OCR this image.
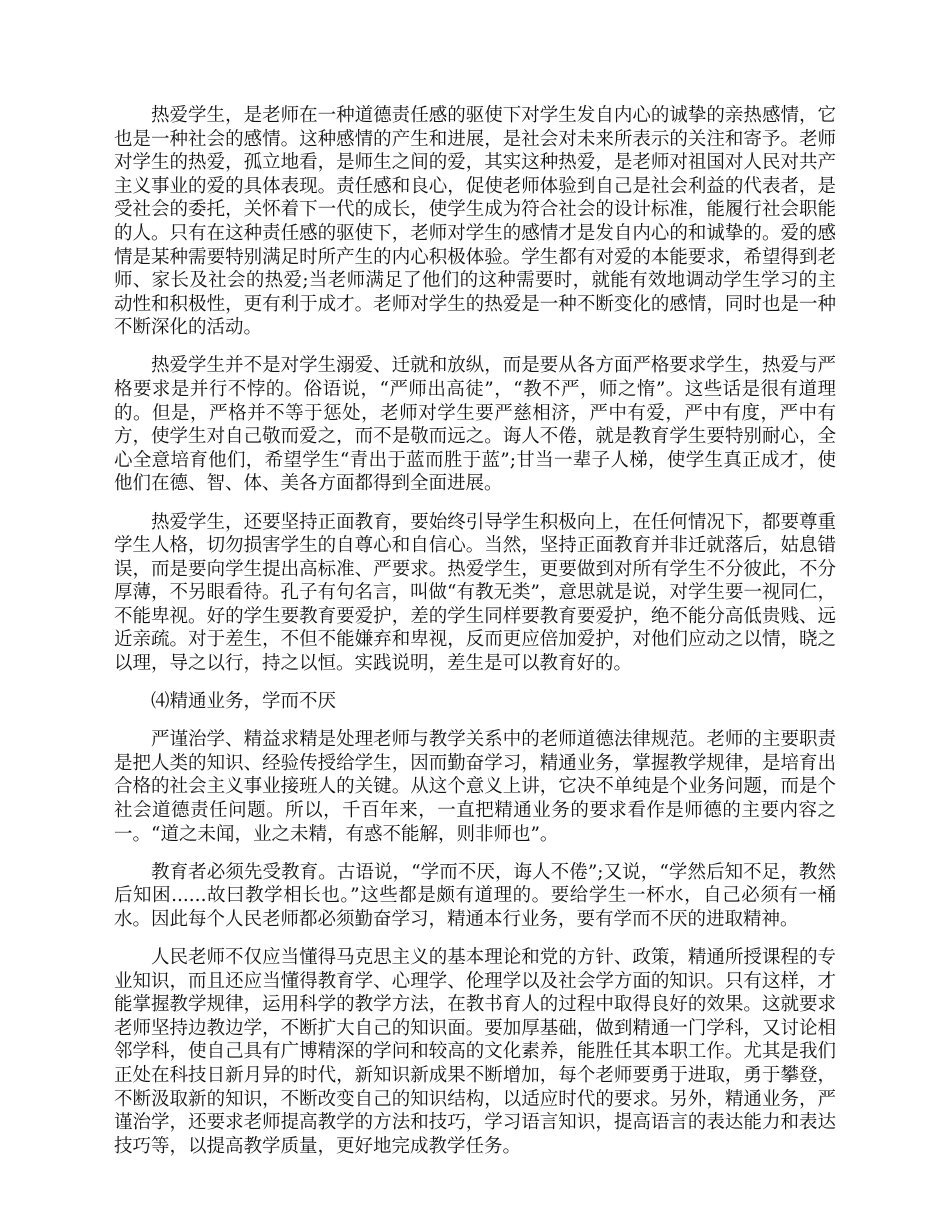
热爱学生，是老师在一种道德责任感的驱使下对学生发自内心的诚挚的亲热感情，它也是一种社会的感情。这种感情的产生和进展，是社会对未来所表示的关注和寄予。老师对学生的热爱，孤立地看，是师生之间的爱，其实这种热爱，是老师对祖国对人民对共产主义事业的爱的具体表现。责任感和良心，促使老师体验到自己是社会利益的代表者，是受社会的委托，关怀着下一代的成长，使学生成为符合社会的设计标准，能履行社会职能的人。只有在这种责任感的驱使下，老师对学生的感情才是发自内心的和诚挚的。爱的感情是某种需要特别满足时所产生的内心积极体验。学生都有对爱的本能要求，希望得到老师、家长及社会的热爱;当老师满足了他们的这种需要时，就能有效地调动学生学习的主动性和积极性，更有利于成才。老师对学生的热爱是一种不断变化的感情，同时也是一种不断深化的活动。

热爱学生并不是对学生溺爱、迁就和放纵，而是要从各方面严格要求学生，热爱与严格要求是并行不悖的。俗语说，“严师出高徒”，“教不严，师之惰”。这些话是很有道理的。但是，严格并不等于惩处，老师对学生要严慈相济，严中有爱，严中有度，严中有方，使学生对自己敬而爱之，而不是敬而远之。诲人不倦，就是教育学生要特别耐心，全心全意培育他们，希望学生“青出于蓝而胜于蓝”;甘当一辈子人梯，使学生真正成才，使他们在德、智、体、美各方面都得到全面进展。

热爱学生，还要坚持正面教育，要始终引导学生积极向上，在任何情况下，都要尊重学生人格，切勿损害学生的自尊心和自信心。当然，坚持正面教育并非迁就落后，姑息错误，而是要向学生提出高标准、严要求。热爱学生，更要做到对所有学生不分彼此，不分厚薄，不另眼看待。孔子有句名言，叫做“有教无类”，意思就是说，对学生要一视同仁，不能卑视。好的学生要教育要爱护，差的学生同样要教育要爱护，绝不能分高低贵贱、远近亲疏。对于差生，不但不能嫌弃和卑视，反而更应倍加爱护，对他们应动之以情，晓之以理，导之以行，持之以恒。实践说明，差生是可以教育好的。

⑷精通业务，学而不厌

严谨治学、精益求精是处理老师与教学关系中的老师道德法律规范。老师的主要职责是把人类的知识、经验传授给学生，因而勤奋学习，精通业务，掌握教学规律，是培育出合格的社会主义事业接班人的关键。从这个意义上讲，它决不单纯是个业务问题，而是个社会道德责任问题。所以，千百年来，一直把精通业务的要求看作是师德的主要内容之一。“道之未闻，业之未精，有惑不能解，则非师也”。

教育者必须先受教育。古语说，“学而不厌，诲人不倦”;又说，“学然后知不足，教然后知困......故曰教学相长也。”这些都是颇有道理的。要给学生一杯水，自己必须有一桶水。因此每个人民老师都必须勤奋学习，精通本行业务，要有学而不厌的进取精神。

人民老师不仅应当懂得马克思主义的基本理论和党的方针、政策，精通所授课程的专业知识，而且还应当懂得教育学、心理学、伦理学以及社会学方面的知识。只有这样，才能掌握教学规律，运用科学的教学方法，在教书育人的过程中取得良好的效果。这就要求老师坚持边教边学，不断扩大自己的知识面。要加厚基础，做到精通一门学科，又讨论相邻学科，使自己具有广博精深的学问和较高的文化素养，能胜任其本职工作。尤其是我们正处在科技日新月异的时代，新知识新成果不断增加，每个老师要勇于进取，勇于攀登，不断汲取新的知识，不断改变自己的知识结构，以适应时代的要求。另外，精通业务，严谨治学，还要求老师提高教学的方法和技巧，学习语言知识，提高语言的表达能力和表达技巧等，以提高教学质量，更好地完成教学任务。
